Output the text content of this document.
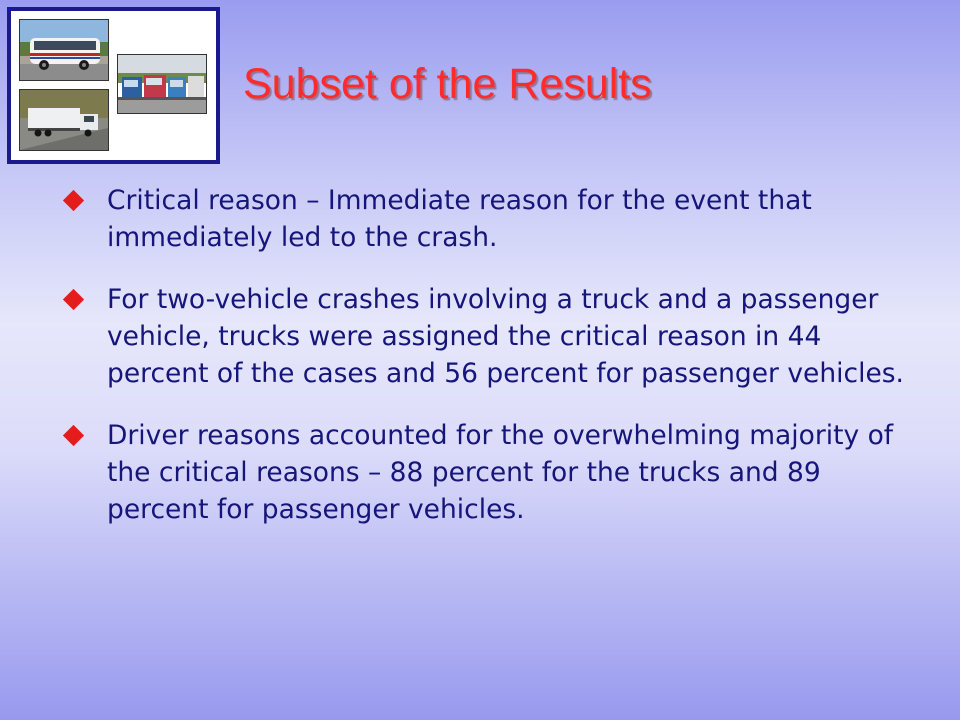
Subset of the Results
Critical reason – Immediate reason for the event that immediately led to the crash.
For two-vehicle crashes involving a truck and a passenger vehicle, trucks were assigned the critical reason in 44 percent of the cases and 56 percent for passenger vehicles.
Driver reasons accounted for the overwhelming majority of the critical reasons – 88 percent for the trucks and 89 percent for passenger vehicles.
